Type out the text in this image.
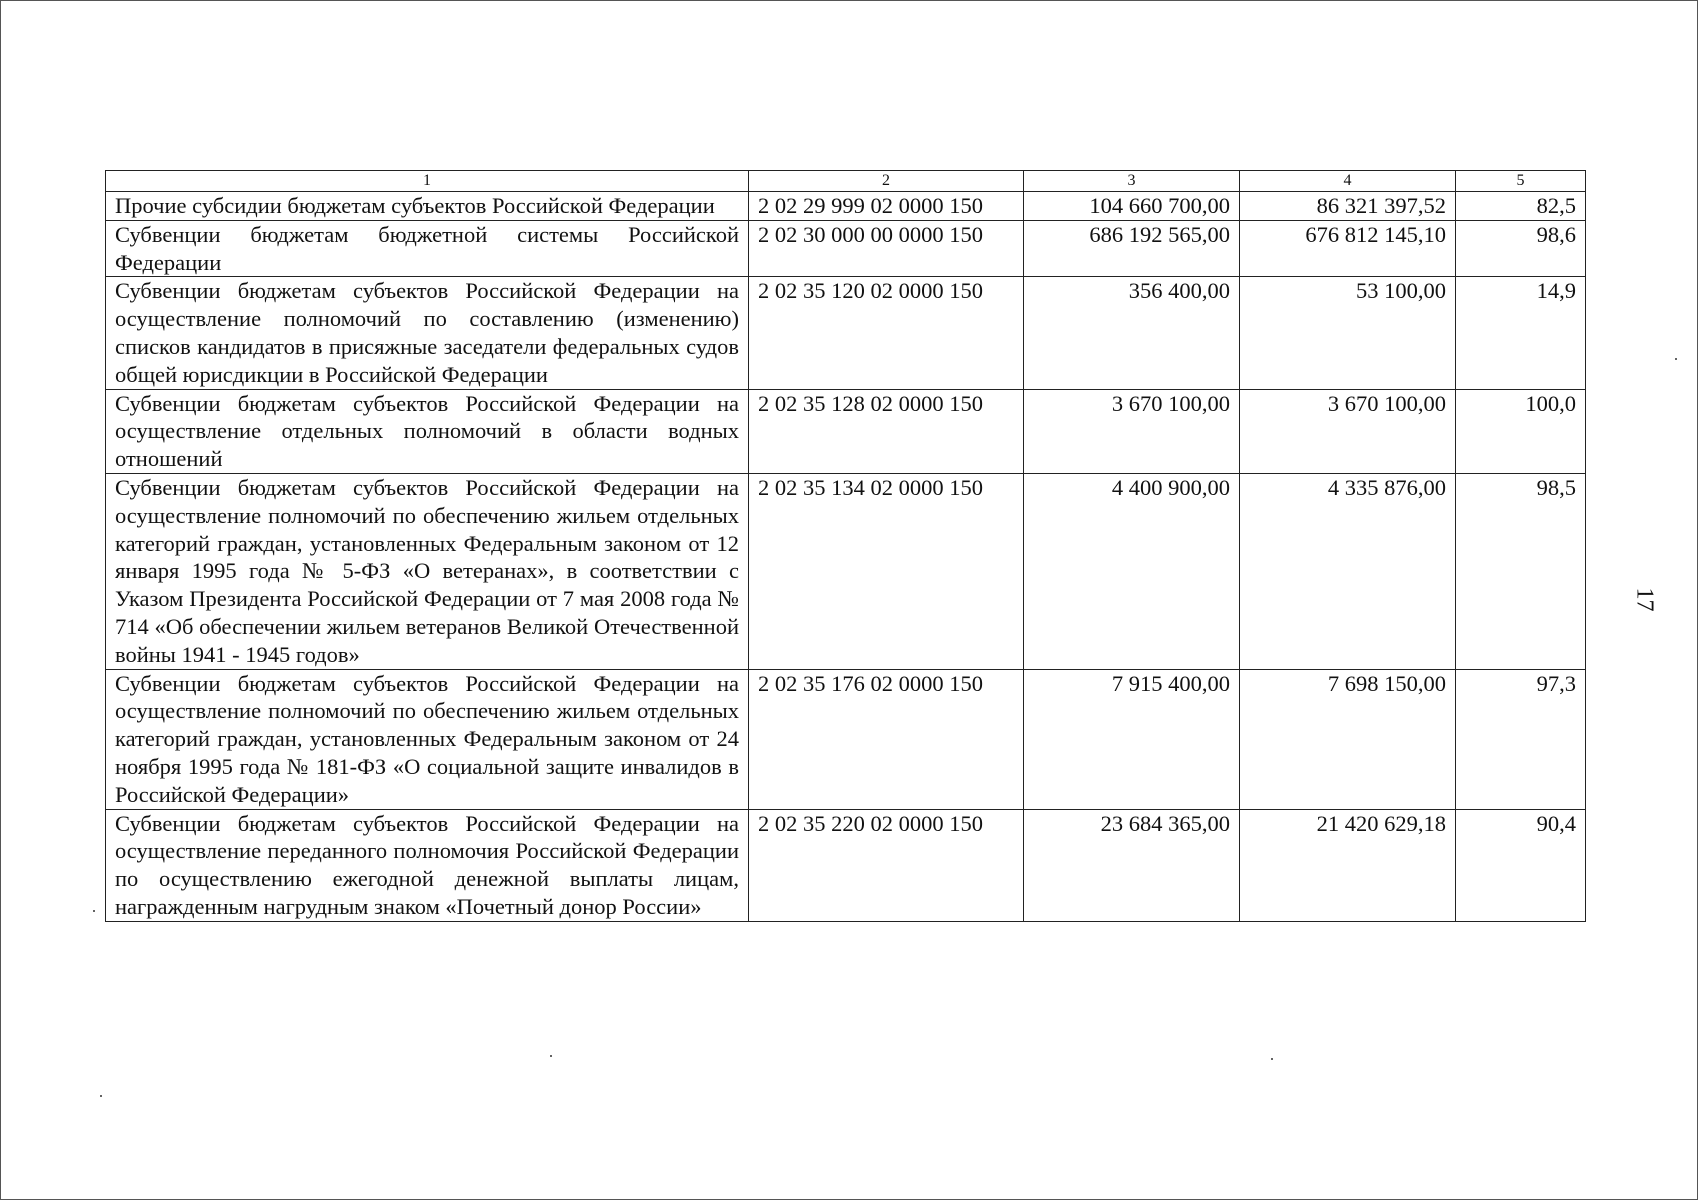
1	2	3	4	5
Прочие субсидии бюджетам субъектов Российской Федерации	2 02 29 999 02 0000 150	104 660 700,00	86 321 397,52	82,5
Субвенции бюджетам бюджетной системы Российской Федерации	2 02 30 000 00 0000 150	686 192 565,00	676 812 145,10	98,6
Субвенции бюджетам субъектов Российской Федерации на осуществление полномочий по составлению (изменению) списков кандидатов в присяжные заседатели федеральных судов общей юрисдикции в Российской Федерации	2 02 35 120 02 0000 150	356 400,00	53 100,00	14,9
Субвенции бюджетам субъектов Российской Федерации на осуществление отдельных полномочий в области водных отношений	2 02 35 128 02 0000 150	3 670 100,00	3 670 100,00	100,0
Субвенции бюджетам субъектов Российской Федерации на осуществление полномочий по обеспечению жильем отдельных категорий граждан, установленных Федеральным законом от 12 января 1995 года № 5-ФЗ «О ветеранах», в соответствии с Указом Президента Российской Федерации от 7 мая 2008 года № 714 «Об обеспечении жильем ветеранов Великой Отечественной войны 1941 - 1945 годов»	2 02 35 134 02 0000 150	4 400 900,00	4 335 876,00	98,5
Субвенции бюджетам субъектов Российской Федерации на осуществление полномочий по обеспечению жильем отдельных категорий граждан, установленных Федеральным законом от 24 ноября 1995 года № 181-ФЗ «О социальной защите инвалидов в Российской Федерации»	2 02 35 176 02 0000 150	7 915 400,00	7 698 150,00	97,3
Субвенции бюджетам субъектов Российской Федерации на осуществление переданного полномочия Российской Федерации по осуществлению ежегодной денежной выплаты лицам, награжденным нагрудным знаком «Почетный донор России»	2 02 35 220 02 0000 150	23 684 365,00	21 420 629,18	90,4
17
